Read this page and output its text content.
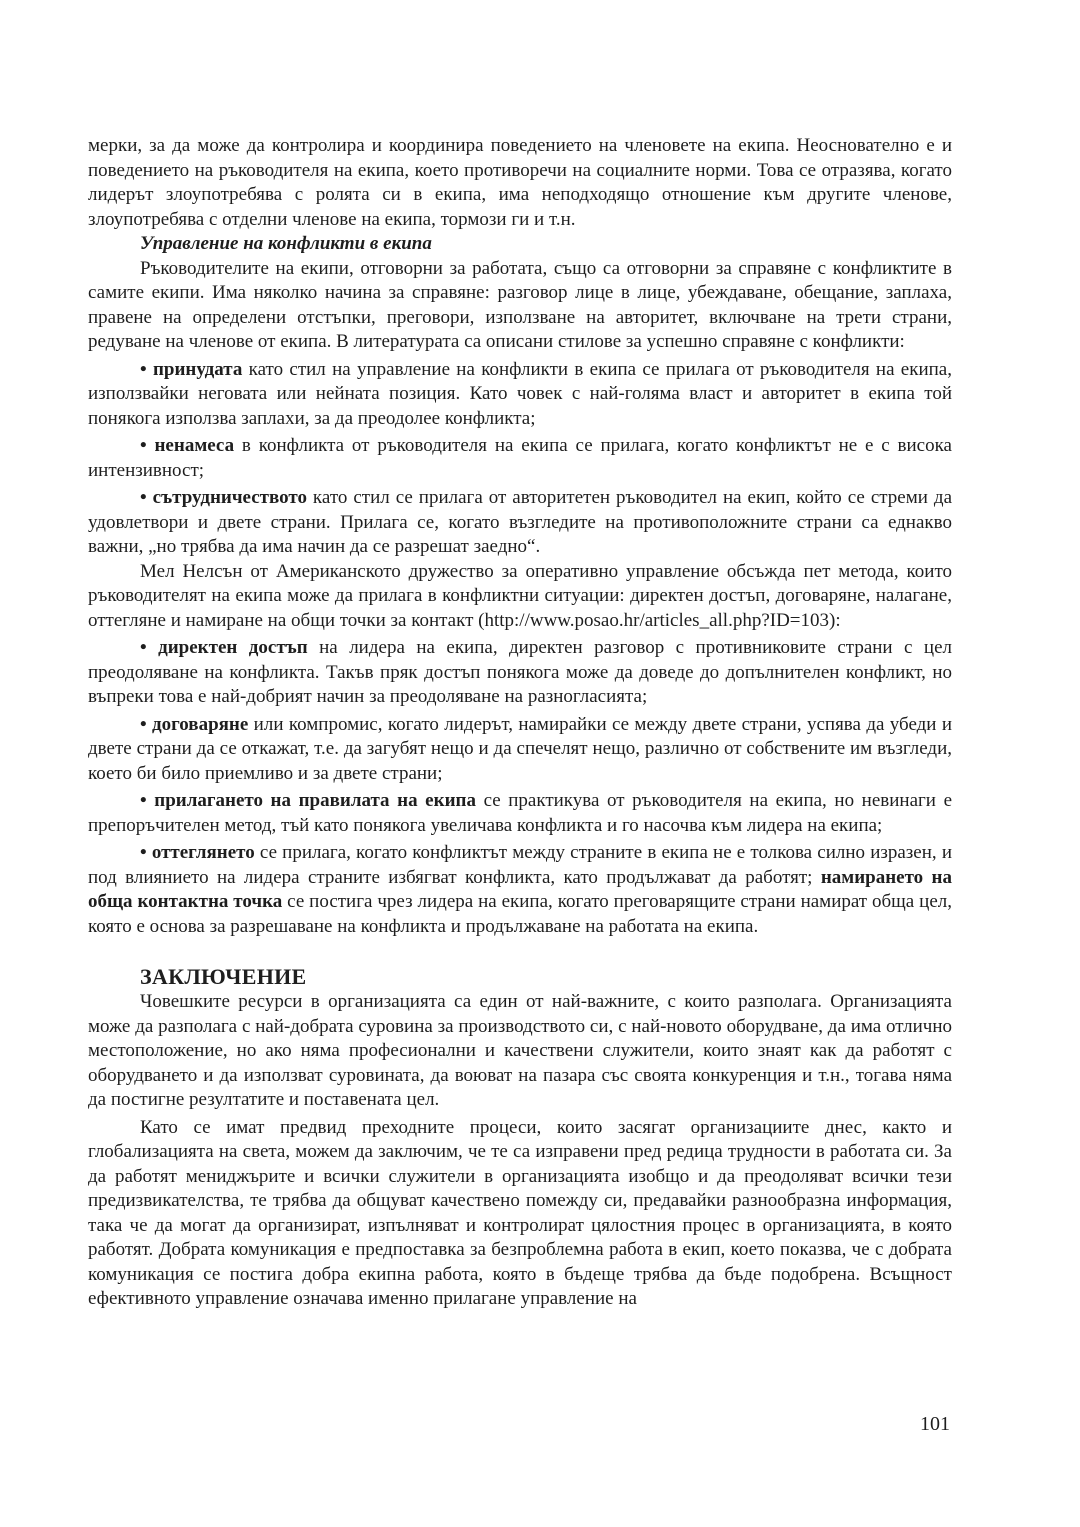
мерки, за да може да контролира и координира поведението на членовете на екипа. Неоснователно е и поведението на ръководителя на екипа, което противоречи на социалните норми. Това се отразява, когато лидерът злоупотребява с ролята си в екипа, има неподходящо отношение към другите членове, злоупотребява с отделни членове на екипа, тормози ги и т.н.

Управление на конфликти в екипа

Ръководителите на екипи, отговорни за работата, също са отговорни за справяне с конфликтите в самите екипи. Има няколко начина за справяне: разговор лице в лице, убеждаване, обещание, заплаха, правене на определени отстъпки, преговори, използване на авторитет, включване на трети страни, редуване на членове от екипа. В литературата са описани стилове за успешно справяне с конфликти:

• принудата като стил на управление на конфликти в екипа се прилага от ръководителя на екипа, използвайки неговата или нейната позиция. Като човек с най-голяма власт и авторитет в екипа той понякога използва заплахи, за да преодолее конфликта;

• ненамеса в конфликта от ръководителя на екипа се прилага, когато конфликтът не е с висока интензивност;

• сътрудничеството като стил се прилага от авторитетен ръководител на екип, който се стреми да удовлетвори и двете страни. Прилага се, когато възгледите на противоположните страни са еднакво важни, „но трябва да има начин да се разрешат заедно“.

Мел Нелсън от Американското дружество за оперативно управление обсъжда пет метода, които ръководителят на екипа може да прилага в конфликтни ситуации: директен достъп, договаряне, налагане, оттегляне и намиране на общи точки за контакт (http://www.posao.hr/articles_all.php?ID=103):

• директен достъп на лидера на екипа, директен разговор с противниковите страни с цел преодоляване на конфликта. Такъв пряк достъп понякога може да доведе до допълнителен конфликт, но въпреки това е най-добрият начин за преодоляване на разногласията;

• договаряне или компромис, когато лидерът, намирайки се между двете страни, успява да убеди и двете страни да се откажат, т.е. да загубят нещо и да спечелят нещо, различно от собствените им възгледи, което би било приемливо и за двете страни;

• прилагането на правилата на екипа се практикува от ръководителя на екипа, но невинаги е препоръчителен метод, тъй като понякога увеличава конфликта и го насочва към лидера на екипа;

• оттеглянето се прилага, когато конфликтът между страните в екипа не е толкова силно изразен, и под влиянието на лидера страните избягват конфликта, като продължават да работят; намирането на обща контактна точка се постига чрез лидера на екипа, когато преговарящите страни намират обща цел, която е основа за разрешаване на конфликта и продължаване на работата на екипа.

ЗАКЛЮЧЕНИЕ

Човешките ресурси в организацията са един от най-важните, с които разполага. Организацията може да разполага с най-добрата суровина за производството си, с най-новото оборудване, да има отлично местоположение, но ако няма професионални и качествени служители, които знаят как да работят с оборудването и да използват суровината, да воюват на пазара със своята конкуренция и т.н., тогава няма да постигне резултатите и поставената цел.

Като се имат предвид преходните процеси, които засягат организациите днес, както и глобализацията на света, можем да заключим, че те са изправени пред редица трудности в работата си. За да работят мениджърите и всички служители в организацията изобщо и да преодоляват всички тези предизвикателства, те трябва да общуват качествено помежду си, предавайки разнообразна информация, така че да могат да организират, изпълняват и контролират цялостния процес в организацията, в която работят. Добрата комуникация е предпоставка за безпроблемна работа в екип, което показва, че с добрата комуникация се постига добра екипна работа, която в бъдеще трябва да бъде подобрена. Всъщност ефективното управление означава именно прилагане управление на

101
